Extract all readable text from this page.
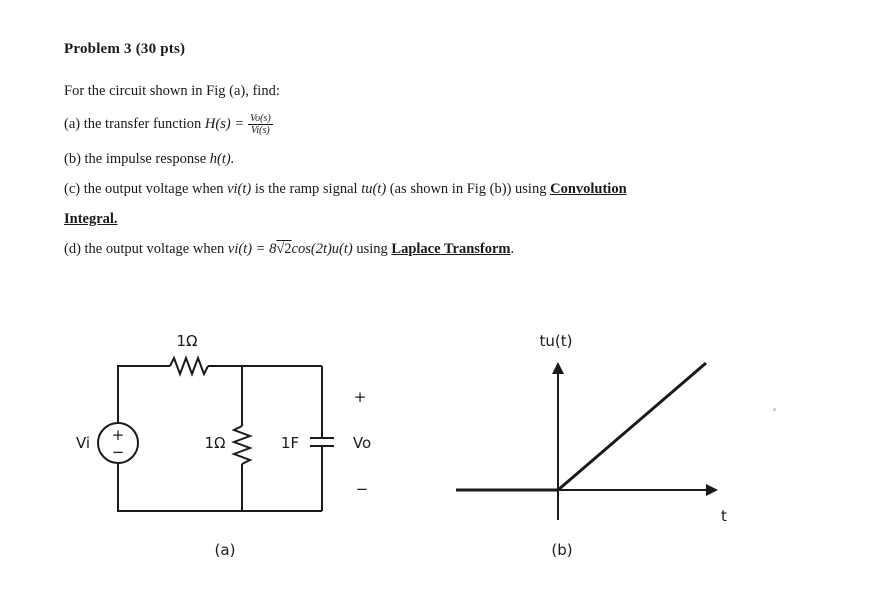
Problem 3 (30 pts)
For the circuit shown in Fig (a), find:
(a) the transfer function
$H(s) = \frac{Vo(s)}{Vi(s)}$
(b) the impulse response h(t).
(c) the output voltage when vi(t) is the ramp signal tu(t) (as shown in Fig (b)) using Convolution
Integral.
(d) the output voltage when vi(t) = 8√2cos(2t)u(t) using Laplace Transform.
+
−
1Ω
1Ω	1F
Vi
+
Vo
−
(a)
tu(t)
t
(b)
